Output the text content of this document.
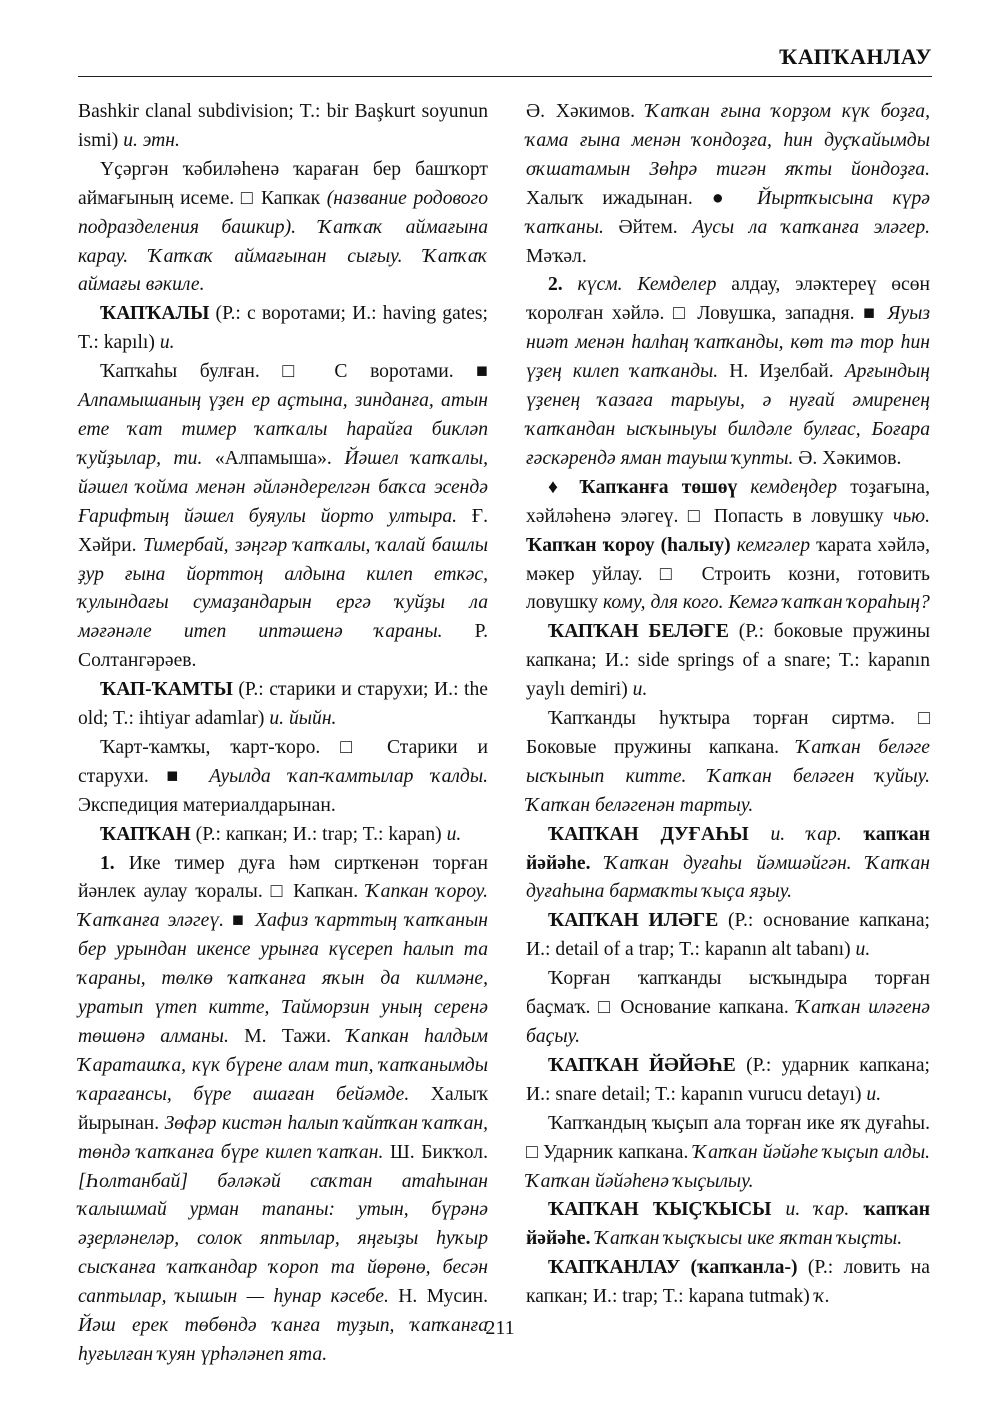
ҠАПҠАНЛАУ

Bashkir clanal subdivision; T.: bir Başkurt soyunun ismi) и. этн.

Үҫәргән ҡәбиләһенә ҡараған бер башҡорт аймағының исеме. □ Капкак (название родового подразделения башкир). Ҡапҡаҡ аймағына карау. Ҡапҡаҡ аймағынан сығыу. Ҡапҡаҡ аймағы вәкиле.

ҠАПҠАЛЫ (Р.: с воротами; И.: having gates; T.: kapılı) и.

Ҡапҡаһы булған. □ С воротами. ■ Алпамышаның үҙен ер аҫтына, зинданға, атын ете ҡат тимер ҡапҡалы һарайға бикләп ҡуйҙылар, ти. «Алпамыша». Йәшел ҡапҡалы, йәшел ҡойма менән әйләндерелгән баҡса эсендә Ғарифтың йәшел буяулы йорто ултыра. Ғ. Хәйри. Тимербай, зәңгәр ҡапҡалы, ҡалай башлы ҙур ғына йорттоң алдына килеп еткәс, ҡулындағы сумаҙандарын ергә ҡуйҙы ла мәғәнәле итеп иптәшенә ҡараны. Р. Солтангәрәев.

ҠАП-ҠАМТЫ (Р.: старики и старухи; И.: the old; T.: ihtiyar adamlar) и. йыйн.

Ҡарт-ҡамҡы, ҡарт-ҡоро. □ Старики и старухи. ■ Ауылда ҡап-ҡамтылар ҡалды. Экспедиция материалдарынан.

ҠАПҠАН (Р.: капкан; И.: trap; T.: kapan) и.

1. Ике тимер дуға һәм сирткенән торған йәнлек аулау ҡоралы. □ Капкан. Ҡапкан ҡороу. Ҡапҡанға эләгеү. ■ Хафиз ҡарттың ҡапҡанын бер урындан икенсе урынға күсереп һалып та ҡараны, төлкө ҡапҡанға яҡын да килмәне, уратып үтеп китте, Тайморзин уның серенә төшөнә алманы. М. Тажи. Ҡапкан һалдым Ҡараташҡа, күк бүрене алам тип, ҡапҡанымды ҡарағансы, бүре ашаған бейәмде. Халыҡ йырынан. Зөфәр кистән һалып ҡайтҡан ҡапҡан, төндә ҡапҡанға бүре килеп ҡапҡан. Ш. Бикҡол. [Һолтанбай] бәләкәй саҡтан атаһынан ҡалышмай урман тапаны: утын, бүрәнә әҙерләнеләр, солок яптылар, яңғыҙы һуҡыр сысҡанға ҡапҡандар ҡороп та йөрөнө, бесән саптылар, ҡышын — һунар кәсебе. Н. Мусин. Йәш ерек төбөндә ҡанға туҙып, ҡапҡанға һуғылған ҡуян үрһәләнеп ята.

Ә. Хәкимов. Ҡапҡан ғына ҡорҙом күк боҙға, ҡама ғына менән ҡондоҙға, һин дуҫҡайымды оҡшатамын Зөһрә тигән яҡты йондоҙға. Халыҡ ижадынан. ● Йыртҡысына күрә ҡапҡаны. Әйтем. Аусы ла ҡапҡанға эләгер. Мәҡәл.

2. күсм. Кемделер алдау, эләктереү өсөн ҡоролған хәйлә. □ Ловушка, западня. ■ Яуыз ниәт менән һалһаң ҡапҡанды, көт тә тор һин үҙең килеп ҡапҡанды. Н. Иҙелбай. Арғындың үҙенең ҡазаға тарыуы, ә нуғай әмиренең ҡапҡандан ысҡыныуы билдәле булғас, Боғара ғәскәрендә яман тауыш ҡупты. Ә. Хәкимов.

♦ Ҡапҡанға төшөү кемдеңдер тоҙағына, хәйләһенә эләгеү. □ Попасть в ловушку чью. Ҡапҡан ҡороу (һалыу) кемгәлер ҡарата хәйлә, мәкер уйлау. □ Строить козни, готовить ловушку кому, для кого. Кемгә ҡапҡан ҡораһың?

ҠАПҠАН БЕЛӘГЕ (Р.: боковые пружины капкана; И.: side springs of a snare; T.: kapanın yaylı demiri) и.

Ҡапҡанды һуҡтыра торған сиртмә. □ Боковые пружины капкана. Ҡапҡан беләге ысҡынып китте. Ҡапҡан беләген ҡуйыу. Ҡапҡан беләгенән тартыу.

ҠАПҠАН ДУҒАҺЫ и. ҡар. ҡапҡан йәйәһе. Ҡапҡан дуғаһы йәмшәйгән. Ҡапҡан дуғаһына бармаҡты ҡыҫа яҙыу.

ҠАПҠАН ИЛӘГЕ (Р.: основание капкана; И.: detail of a trap; T.: kapanın alt tabanı) и.

Ҡорған ҡапҡанды ысҡындыра торған баҫмаҡ. □ Основание капкана. Ҡапҡан иләгенә баҫыу.

ҠАПҠАН ЙӘЙӘҺЕ (Р.: ударник капкана; И.: snare detail; T.: kapanın vurucu detayı) и.

Ҡапҡандың ҡыҫып ала торған ике яҡ дуғаһы. □ Ударник капкана. Ҡапҡан йәйәһе ҡыҫып алды. Ҡапҡан йәйәһенә ҡыҫылыу.

ҠАПҠАН ҠЫҪҠЫСЫ и. ҡар. ҡапҡан йәйәһе. Ҡапҡан ҡыҫҡысы ике яҡтан ҡыҫты.

ҠАПҠАНЛАУ (ҡапҡанла-) (Р.: ловить на капкан; И.: trap; T.: kapana tutmak) ҡ.

211
